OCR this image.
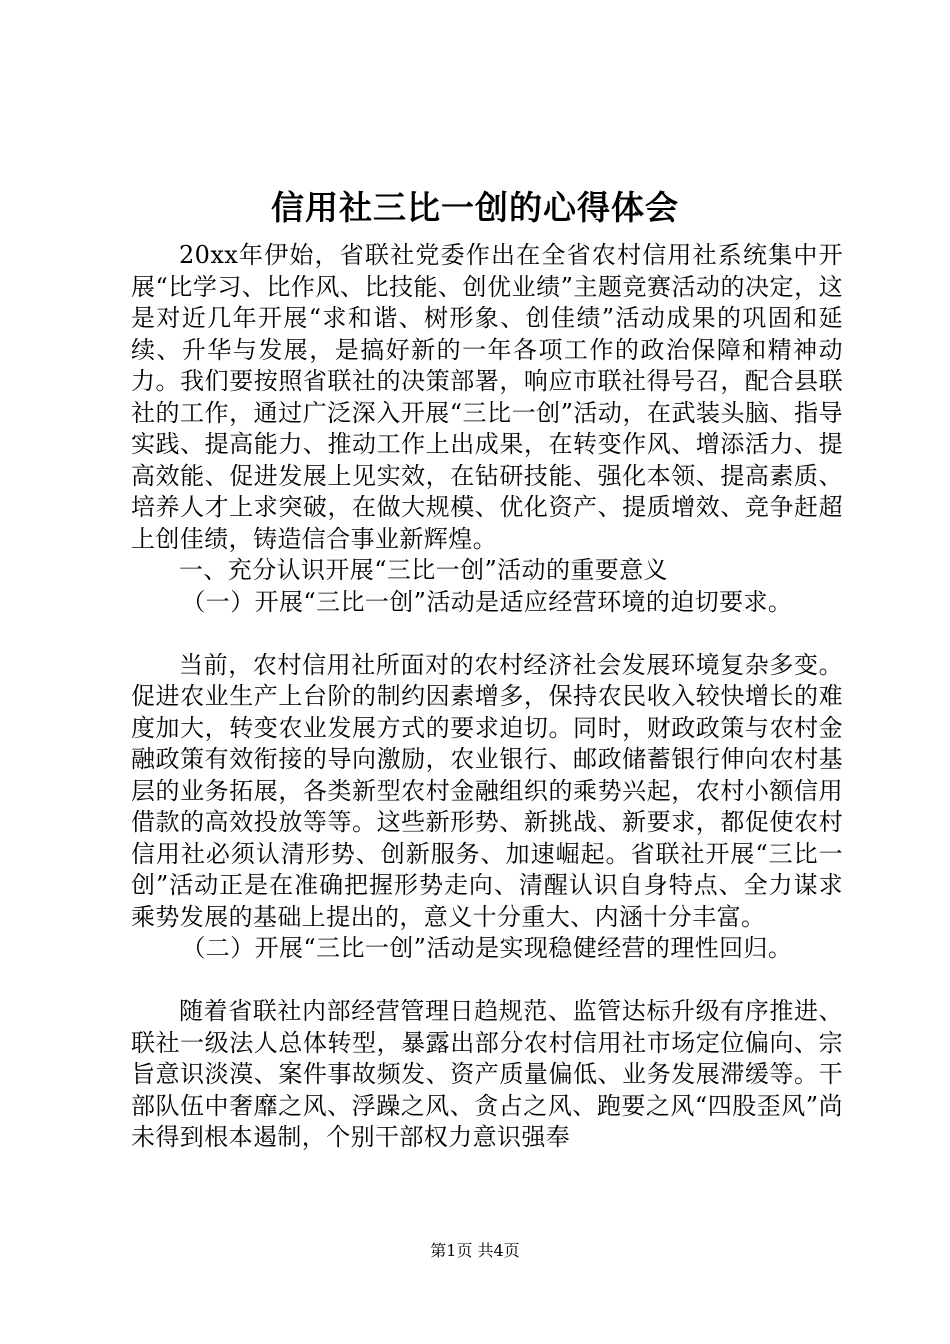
信用社三比一创的心得体会

20xx年伊始，省联社党委作出在全省农村信用社系统集中开展“比学习、比作风、比技能、创优业绩”主题竞赛活动的决定，这是对近几年开展“求和谐、树形象、创佳绩”活动成果的巩固和延续、升华与发展，是搞好新的一年各项工作的政治保障和精神动力。我们要按照省联社的决策部署，响应市联社得号召，配合县联社的工作，通过广泛深入开展“三比一创”活动，在武装头脑、指导实践、提高能力、推动工作上出成果，在转变作风、增添活力、提高效能、促进发展上见实效，在钻研技能、强化本领、提高素质、培养人才上求突破，在做大规模、优化资产、提质增效、竞争赶超上创佳绩，铸造信合事业新辉煌。

一、充分认识开展“三比一创”活动的重要意义

（一）开展“三比一创”活动是适应经营环境的迫切要求。

当前，农村信用社所面对的农村经济社会发展环境复杂多变。促进农业生产上台阶的制约因素增多，保持农民收入较快增长的难度加大，转变农业发展方式的要求迫切。同时，财政政策与农村金融政策有效衔接的导向激励，农业银行、邮政储蓄银行伸向农村基层的业务拓展，各类新型农村金融组织的乘势兴起，农村小额信用借款的高效投放等等。这些新形势、新挑战、新要求，都促使农村信用社必须认清形势、创新服务、加速崛起。省联社开展“三比一创”活动正是在准确把握形势走向、清醒认识自身特点、全力谋求乘势发展的基础上提出的，意义十分重大、内涵十分丰富。

（二）开展“三比一创”活动是实现稳健经营的理性回归。

随着省联社内部经营管理日趋规范、监管达标升级有序推进、联社一级法人总体转型，暴露出部分农村信用社市场定位偏向、宗旨意识淡漠、案件事故频发、资产质量偏低、业务发展滞缓等。干部队伍中奢靡之风、浮躁之风、贪占之风、跑要之风“四股歪风”尚未得到根本遏制，个别干部权力意识强奉

第1页 共4页
